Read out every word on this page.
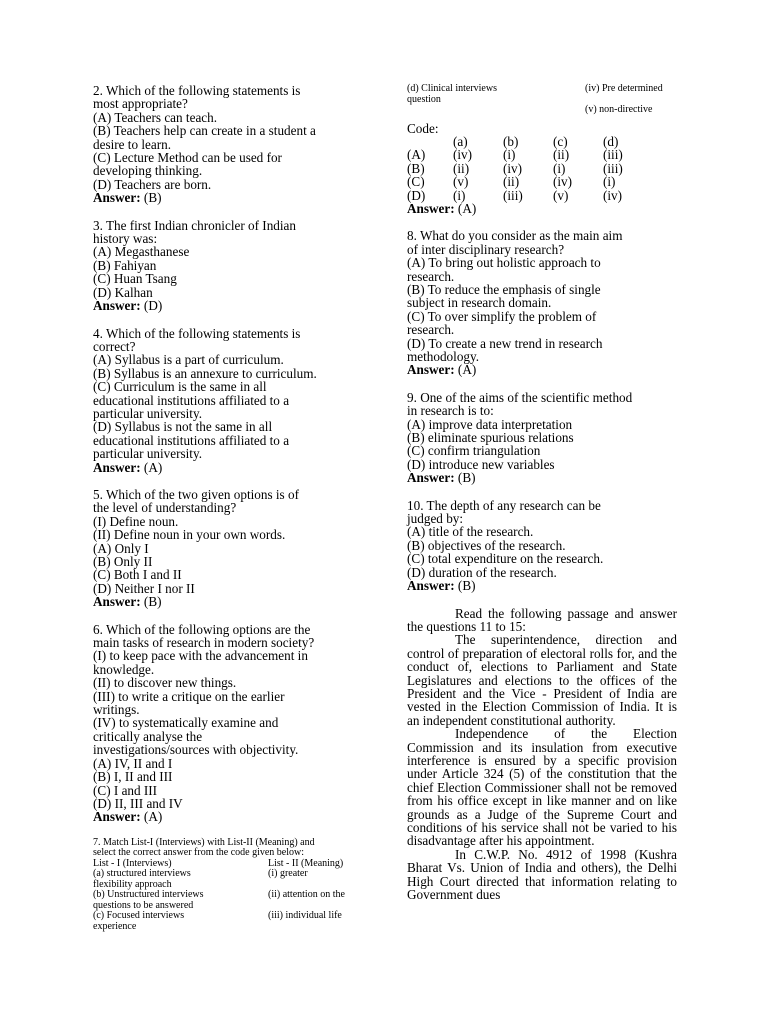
2. Which of the following statements is

most appropriate?

(A) Teachers can teach.

(B) Teachers help can create in a student a

desire to learn.

(C) Lecture Method can be used for

developing thinking.

(D) Teachers are born.

Answer: (B)

3. The first Indian chronicler of Indian

history was:

(A) Megasthanese

(B) Fahiyan

(C) Huan Tsang

(D) Kalhan

Answer: (D)

4. Which of the following statements is

correct?

(A) Syllabus is a part of curriculum.

(B) Syllabus is an annexure to curriculum.

(C) Curriculum is the same in all

educational institutions affiliated to a

particular university.

(D) Syllabus is not the same in all

educational institutions affiliated to a

particular university.

Answer: (A)

5. Which of the two given options is of

the level of understanding?

(I) Define noun.

(II) Define noun in your own words.

(A) Only I

(B) Only II

(C) Both I and II

(D) Neither I nor II

Answer: (B)

6. Which of the following options are the

main tasks of research in modern society?

(I) to keep pace with the advancement in

knowledge.

(II) to discover new things.

(III) to write a critique on the earlier

writings.

(IV) to systematically examine and

critically analyse the

investigations/sources with objectivity.

(A) IV, II and I

(B) I, II and III

(C) I and III

(D) II, III and IV

Answer: (A)

7. Match List-I (Interviews) with List-II (Meaning) and
select the correct answer from the code given below:
List - I (Interviews)	List - II (Meaning)
(a) structured interviews	(i) greater
flexibility approach
(b) Unstructured interviews	(ii) attention on the
questions to be answered
(c) Focused interviews	(iii) individual life
experience
(d) Clinical interviews	(iv) Pre determined
question
(v) non-directive
Code:
	(a)	(b)	(c)	(d)
(A)	(iv)	(i)	(ii)	(iii)
(B)	(ii)	(iv)	(i)	(iii)
(C)	(v)	(ii)	(iv)	(i)
(D)	(i)	(iii)	(v)	(iv)
Answer: (A)

8. What do you consider as the main aim

of inter disciplinary research?

(A) To bring out holistic approach to

research.

(B) To reduce the emphasis of single

subject in research domain.

(C) To over simplify the problem of

research.

(D) To create a new trend in research

methodology.

Answer: (A)

9. One of the aims of the scientific method

in research is to:

(A) improve data interpretation

(B) eliminate spurious relations

(C) confirm triangulation

(D) introduce new variables

Answer: (B)

10. The depth of any research can be

judged by:

(A) title of the research.

(B) objectives of the research.

(C) total expenditure on the research.

(D) duration of the research.

Answer: (B)

Read the following passage and answer the questions 11 to 15:

The superintendence, direction and control of preparation of electoral rolls for, and the conduct of, elections to Parliament and State Legislatures and elections to the offices of the President and the Vice - President of India are vested in the Election Commission of India. It is an independent constitutional authority.

Independence of the Election Commission and its insulation from executive interference is ensured by a specific provision under Article 324 (5) of the constitution that the chief Election Commissioner shall not be removed from his office except in like manner and on like grounds as a Judge of the Supreme Court and conditions of his service shall not be varied to his disadvantage after his appointment.

In C.W.P. No. 4912 of 1998 (Kushra Bharat Vs. Union of India and others), the Delhi High Court directed that information relating to Government dues
